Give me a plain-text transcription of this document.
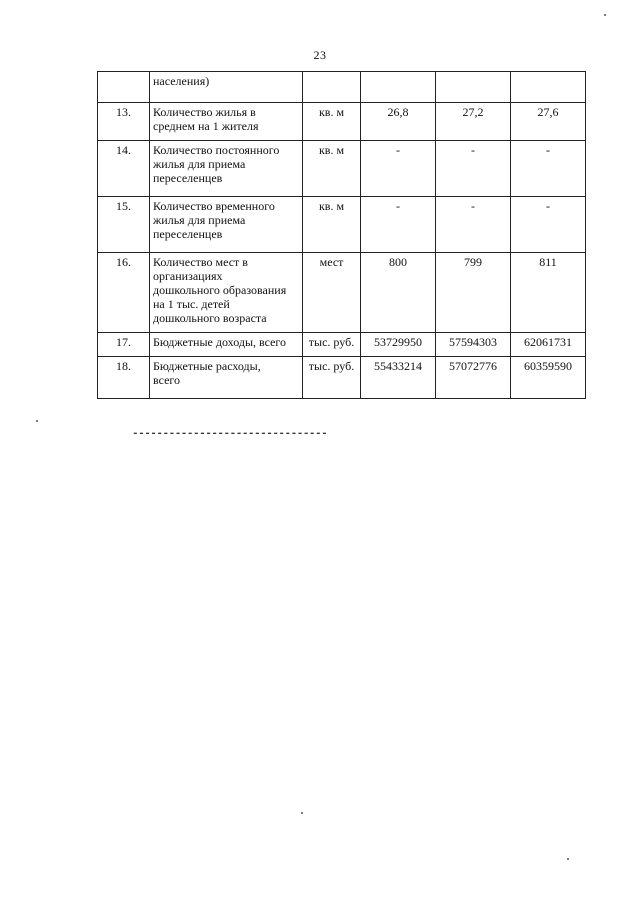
23

	населения)				

13.	Количество жилья в
среднем на 1 жителя	кв. м	26,8	27,2	27,6
14.	Количество постоянного
жилья для приема
переселенцев	кв. м	-	-	-
15.	Количество временного
жилья для приема
переселенцев	кв. м	-	-	-
16.	Количество мест в
организациях
дошкольного образования
на 1 тыс. детей
дошкольного возраста	мест	800	799	811
17.	Бюджетные доходы, всего	тыс. руб.	53729950	57594303	62061731
18.	Бюджетные расходы,
всего	тыс. руб.	55433214	57072776	60359590
--------------------------------
